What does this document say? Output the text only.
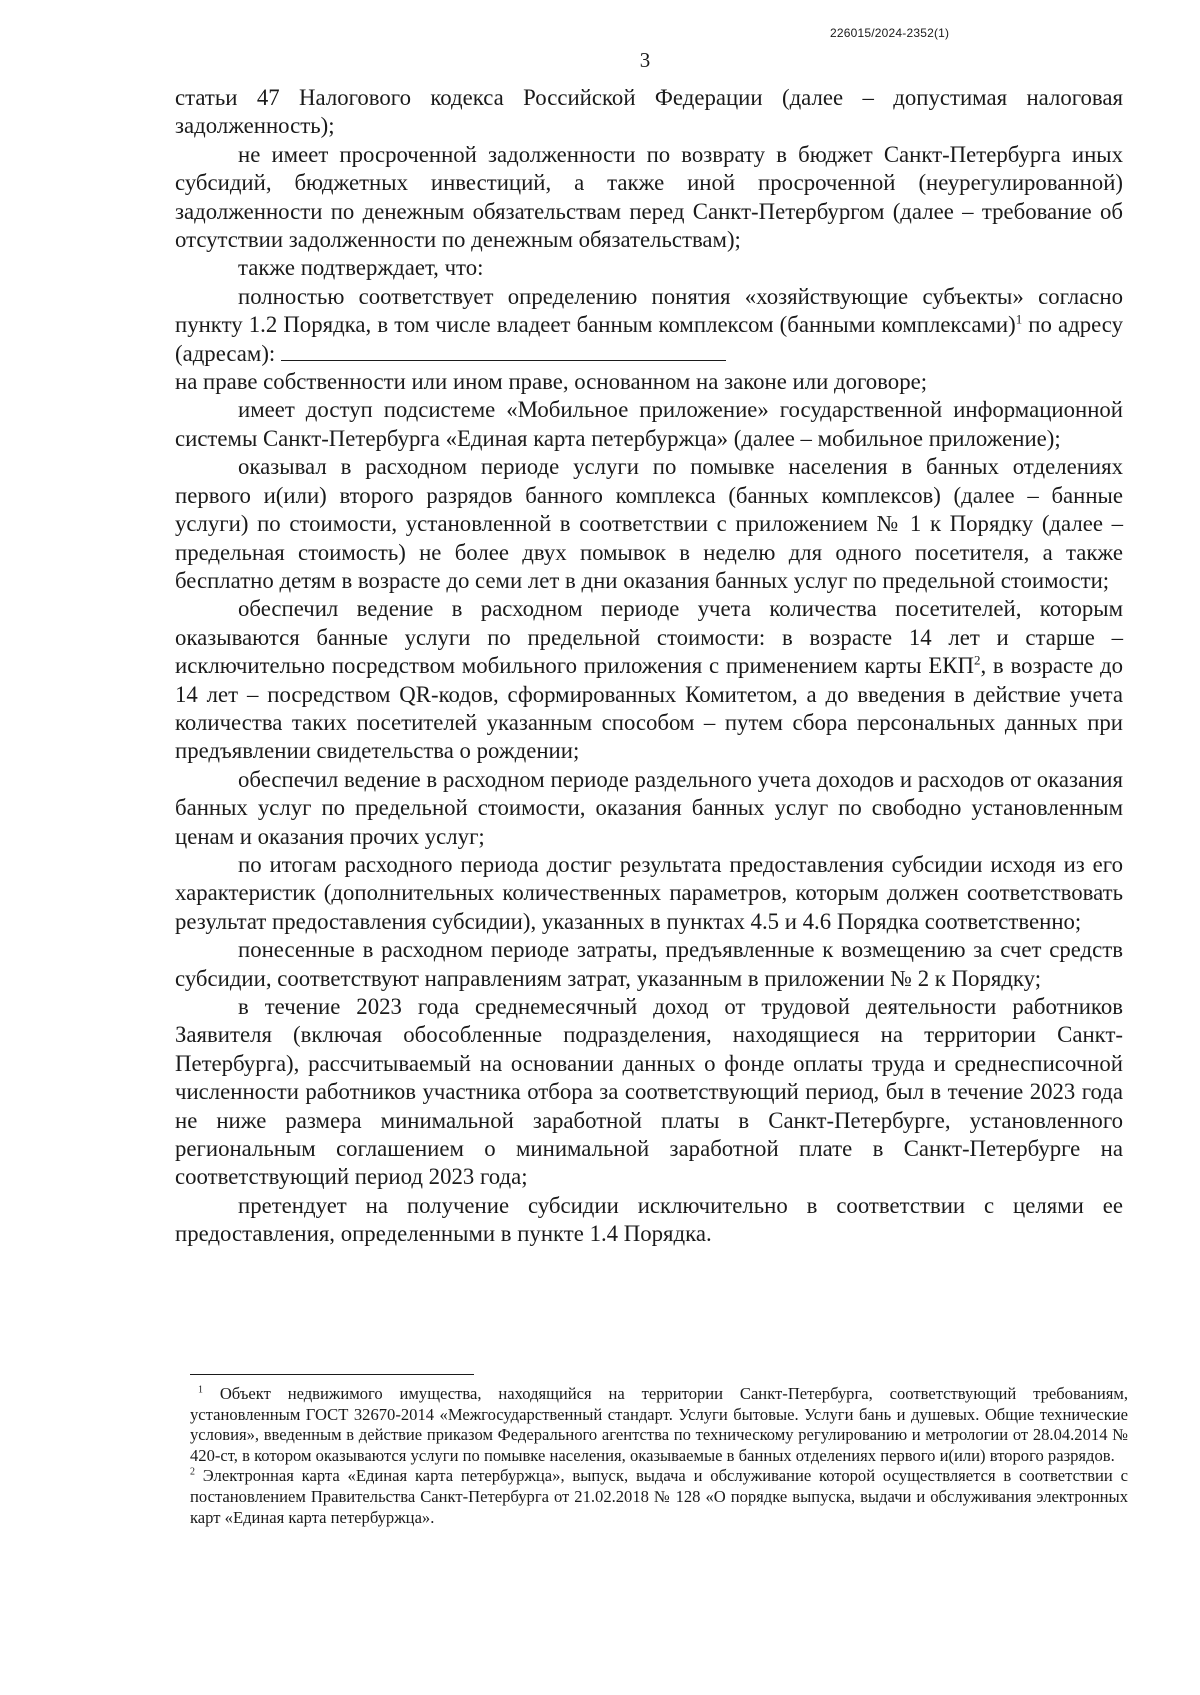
226015/2024-2352(1)
3

статьи 47 Налогового кодекса Российской Федерации (далее – допустимая налоговая задолженность);

не имеет просроченной задолженности по возврату в бюджет Санкт-Петербурга иных субсидий, бюджетных инвестиций, а также иной просроченной (неурегулированной) задолженности по денежным обязательствам перед Санкт-Петербургом (далее – требование об отсутствии задолженности по денежным обязательствам);

также подтверждает, что:

полностью соответствует определению понятия «хозяйствующие субъекты» согласно пункту 1.2 Порядка, в том числе владеет банным комплексом (банными комплексами)$^1$ по адресу (адресам):

на праве собственности или ином праве, основанном на законе или договоре;

имеет доступ подсистеме «Мобильное приложение» государственной информационной системы Санкт-Петербурга «Единая карта петербуржца» (далее – мобильное приложение);

оказывал в расходном периоде услуги по помывке населения в банных отделениях первого и(или) второго разрядов банного комплекса (банных комплексов) (далее – банные услуги) по стоимости, установленной в соответствии с приложением № 1 к Порядку (далее – предельная стоимость) не более двух помывок в неделю для одного посетителя, а также бесплатно детям в возрасте до семи лет в дни оказания банных услуг по предельной стоимости;

обеспечил ведение в расходном периоде учета количества посетителей, которым оказываются банные услуги по предельной стоимости: в возрасте 14 лет и старше – исключительно посредством мобильного приложения с применением карты ЕКП$^2$, в возрасте до 14 лет – посредством QR-кодов, сформированных Комитетом, а до введения в действие учета количества таких посетителей указанным способом – путем сбора персональных данных при предъявлении свидетельства о рождении;

обеспечил ведение в расходном периоде раздельного учета доходов и расходов от оказания банных услуг по предельной стоимости, оказания банных услуг по свободно установленным ценам и оказания прочих услуг;

по итогам расходного периода достиг результата предоставления субсидии исходя из его характеристик (дополнительных количественных параметров, которым должен соответствовать результат предоставления субсидии), указанных в пунктах 4.5 и 4.6 Порядка соответственно;

понесенные в расходном периоде затраты, предъявленные к возмещению за счет средств субсидии, соответствуют направлениям затрат, указанным в приложении № 2 к Порядку;

в течение 2023 года среднемесячный доход от трудовой деятельности работников Заявителя (включая обособленные подразделения, находящиеся на территории Санкт-Петербурга), рассчитываемый на основании данных о фонде оплаты труда и среднесписочной численности работников участника отбора за соответствующий период, был в течение 2023 года не ниже размера минимальной заработной платы в Санкт-Петербурге, установленного региональным соглашением о минимальной заработной плате в Санкт-Петербурге на соответствующий период 2023 года;

претендует на получение субсидии исключительно в соответствии с целями ее предоставления, определенными в пункте 1.4 Порядка.

$^1$ Объект недвижимого имущества, находящийся на территории Санкт-Петербурга, соответствующий требованиям, установленным ГОСТ 32670-2014 «Межгосударственный стандарт. Услуги бытовые. Услуги бань и душевых. Общие технические условия», введенным в действие приказом Федерального агентства по техническому регулированию и метрологии от 28.04.2014 № 420-ст, в котором оказываются услуги по помывке населения, оказываемые в банных отделениях первого и(или) второго разрядов.

$^2$ Электронная карта «Единая карта петербуржца», выпуск, выдача и обслуживание которой осуществляется в соответствии с постановлением Правительства Санкт-Петербурга от 21.02.2018 № 128 «О порядке выпуска, выдачи и обслуживания электронных карт «Единая карта петербуржца».
